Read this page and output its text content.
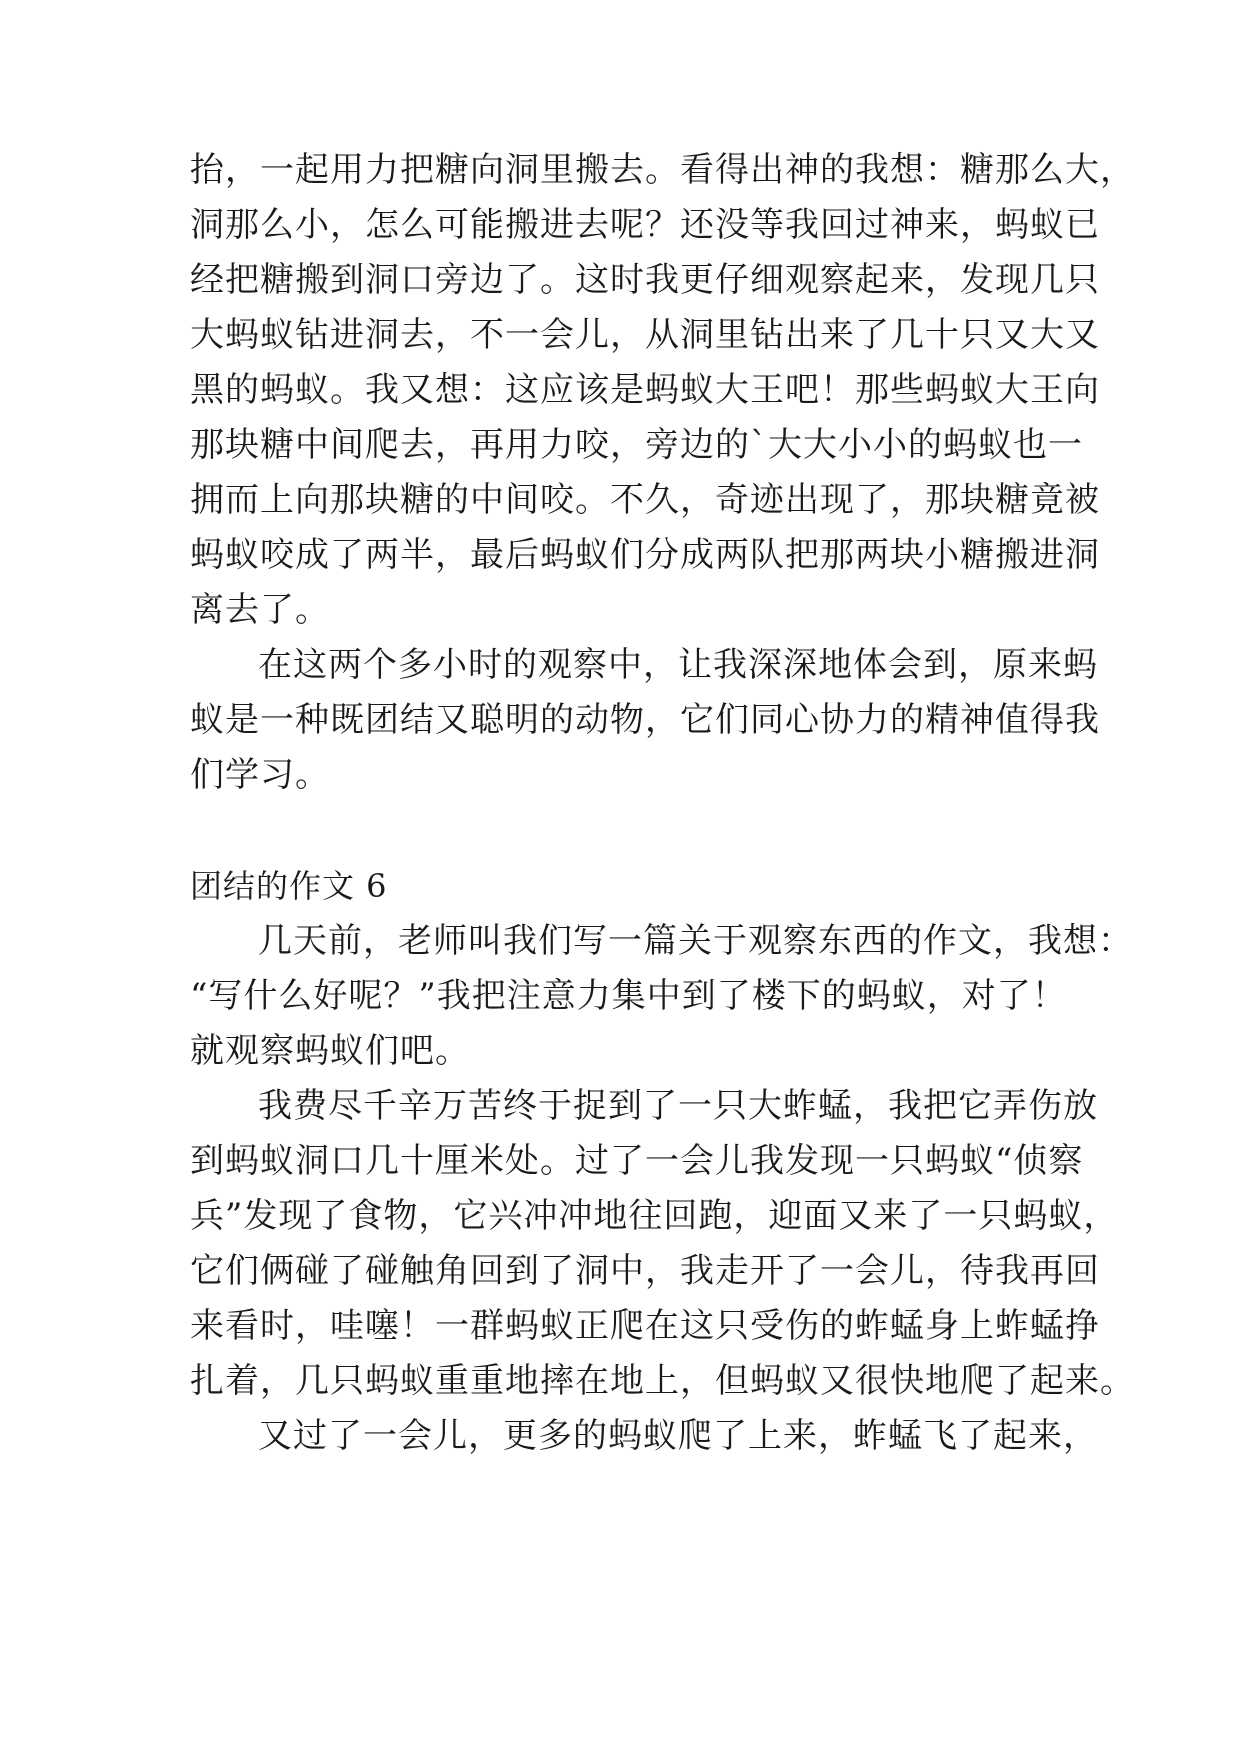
抬，一起用力把糖向洞里搬去。看得出神的我想：糖那么大，
洞那么小，怎么可能搬进去呢？还没等我回过神来，蚂蚁已
经把糖搬到洞口旁边了。这时我更仔细观察起来，发现几只
大蚂蚁钻进洞去，不一会儿，从洞里钻出来了几十只又大又
黑的蚂蚁。我又想：这应该是蚂蚁大王吧！那些蚂蚁大王向
那块糖中间爬去，再用力咬，旁边的`大大小小的蚂蚁也一
拥而上向那块糖的中间咬。不久，奇迹出现了，那块糖竟被
蚂蚁咬成了两半，最后蚂蚁们分成两队把那两块小糖搬进洞
离去了。
在这两个多小时的观察中，让我深深地体会到，原来蚂
蚁是一种既团结又聪明的动物，它们同心协力的精神值得我
们学习。
团结的作文 6
几天前，老师叫我们写一篇关于观察东西的作文，我想：
“写什么好呢？”我把注意力集中到了楼下的蚂蚁，对了！
就观察蚂蚁们吧。
我费尽千辛万苦终于捉到了一只大蚱蜢，我把它弄伤放
到蚂蚁洞口几十厘米处。过了一会儿我发现一只蚂蚁“侦察
兵”发现了食物，它兴冲冲地往回跑，迎面又来了一只蚂蚁，
它们俩碰了碰触角回到了洞中，我走开了一会儿，待我再回
来看时，哇噻！一群蚂蚁正爬在这只受伤的蚱蜢身上蚱蜢挣
扎着，几只蚂蚁重重地摔在地上，但蚂蚁又很快地爬了起来。
又过了一会儿，更多的蚂蚁爬了上来，蚱蜢飞了起来，
